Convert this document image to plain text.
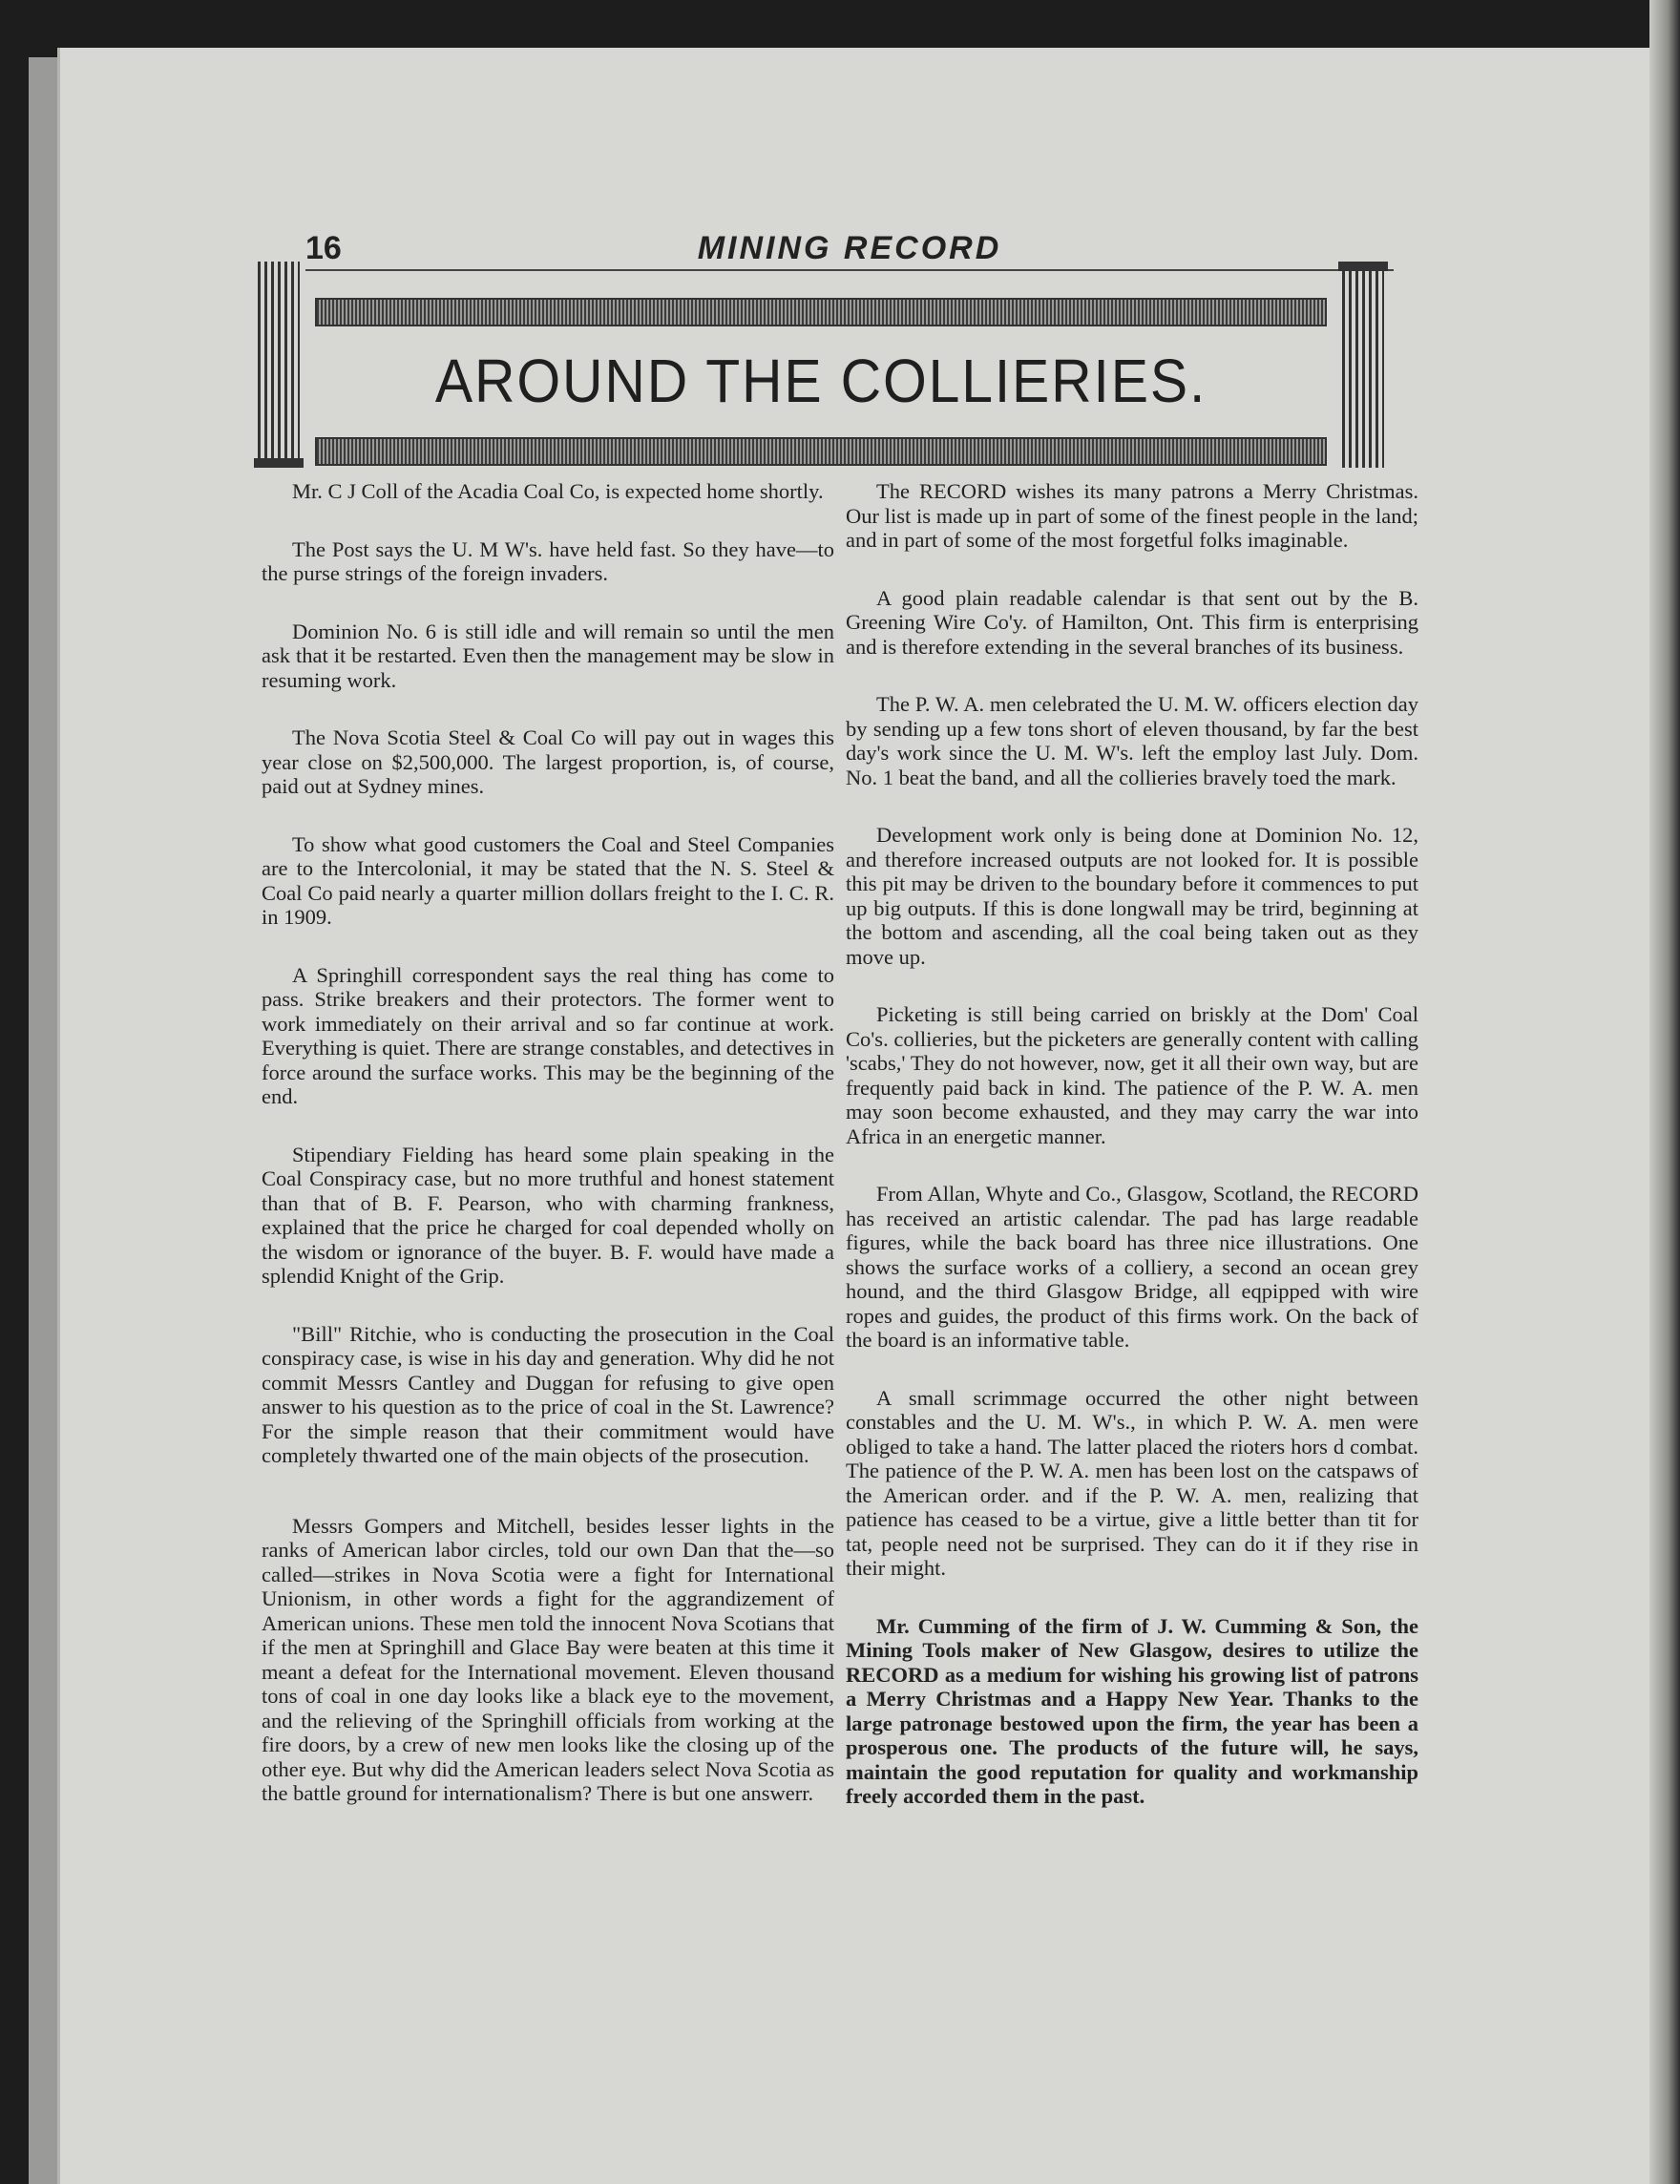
16	MINING RECORD
AROUND THE COLLIERIES.

Mr. C J Coll of the Acadia Coal Co, is expected home shortly.

The Post says the U. M W's. have held fast. So they have—to the purse strings of the foreign invaders.

Dominion No. 6 is still idle and will remain so until the men ask that it be restarted. Even then the management may be slow in resuming work.

The Nova Scotia Steel & Coal Co will pay out in wages this year close on $2,500,000. The largest proportion, is, of course, paid out at Sydney mines.

To show what good customers the Coal and Steel Companies are to the Intercolonial, it may be stated that the N. S. Steel & Coal Co paid nearly a quarter million dollars freight to the I. C. R. in 1909.

A Springhill correspondent says the real thing has come to pass. Strike breakers and their protectors. The former went to work immediately on their arrival and so far continue at work. Everything is quiet. There are strange constables, and detectives in force around the surface works. This may be the beginning of the end.

Stipendiary Fielding has heard some plain speaking in the Coal Conspiracy case, but no more truthful and honest statement than that of B. F. Pearson, who with charming frankness, explained that the price he charged for coal depended wholly on the wisdom or ignorance of the buyer. B. F. would have made a splendid Knight of the Grip.

"Bill" Ritchie, who is conducting the prosecution in the Coal conspiracy case, is wise in his day and generation. Why did he not commit Messrs Cantley and Duggan for refusing to give open answer to his question as to the price of coal in the St. Lawrence? For the simple reason that their commitment would have completely thwarted one of the main objects of the prosecution.

Messrs Gompers and Mitchell, besides lesser lights in the ranks of American labor circles, told our own Dan that the—so called—strikes in Nova Scotia were a fight for International Unionism, in other words a fight for the aggrandizement of American unions. These men told the innocent Nova Scotians that if the men at Springhill and Glace Bay were beaten at this time it meant a defeat for the International movement. Eleven thousand tons of coal in one day looks like a black eye to the movement, and the relieving of the Springhill officials from working at the fire doors, by a crew of new men looks like the closing up of the other eye. But why did the American leaders select Nova Scotia as the battle ground for internationalism? There is but one answerr.

The RECORD wishes its many patrons a Merry Christmas. Our list is made up in part of some of the finest people in the land; and in part of some of the most forgetful folks imaginable.

A good plain readable calendar is that sent out by the B. Greening Wire Co'y. of Hamilton, Ont. This firm is enterprising and is therefore extending in the several branches of its business.

The P. W. A. men celebrated the U. M. W. officers election day by sending up a few tons short of eleven thousand, by far the best day's work since the U. M. W's. left the employ last July. Dom. No. 1 beat the band, and all the collieries bravely toed the mark.

Development work only is being done at Dominion No. 12, and therefore increased outputs are not looked for. It is possible this pit may be driven to the boundary before it commences to put up big outputs. If this is done longwall may be trird, beginning at the bottom and ascending, all the coal being taken out as they move up.

Picketing is still being carried on briskly at the Dom' Coal Co's. collieries, but the picketers are generally content with calling 'scabs,' They do not however, now, get it all their own way, but are frequently paid back in kind. The patience of the P. W. A. men may soon become exhausted, and they may carry the war into Africa in an energetic manner.

From Allan, Whyte and Co., Glasgow, Scotland, the RECORD has received an artistic calendar. The pad has large readable figures, while the back board has three nice illustrations. One shows the surface works of a colliery, a second an ocean grey hound, and the third Glasgow Bridge, all eqpipped with wire ropes and guides, the product of this firms work. On the back of the board is an informative table.

A small scrimmage occurred the other night between constables and the U. M. W's., in which P. W. A. men were obliged to take a hand. The latter placed the rioters hors d combat. The patience of the P. W. A. men has been lost on the catspaws of the American order. and if the P. W. A. men, realizing that patience has ceased to be a virtue, give a little better than tit for tat, people need not be surprised. They can do it if they rise in their might.

Mr. Cumming of the firm of J. W. Cumming & Son, the Mining Tools maker of New Glasgow, desires to utilize the RECORD as a medium for wishing his growing list of patrons a Merry Christmas and a Happy New Year. Thanks to the large patronage bestowed upon the firm, the year has been a prosperous one. The products of the future will, he says, maintain the good reputation for quality and workmanship freely accorded them in the past.
